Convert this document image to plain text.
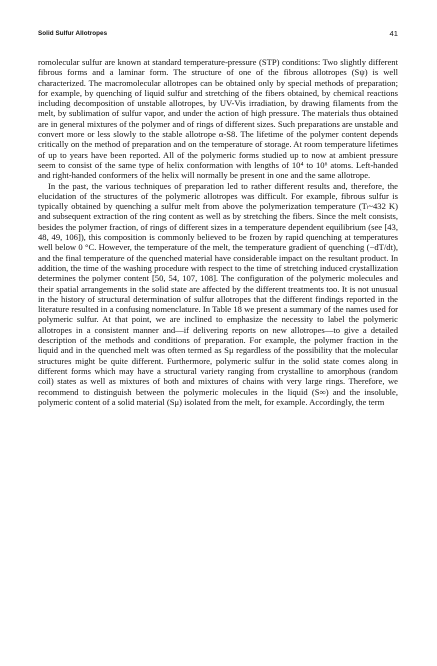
Solid Sulfur Allotropes	41

romolecular sulfur are known at standard temperature-pressure (STP) conditions: Two slightly different fibrous forms and a laminar form. The structure of one of the fibrous allotropes (Sψ) is well characterized. The macromolecular allotropes can be obtained only by special methods of preparation; for example, by quenching of liquid sulfur and stretching of the fibers obtained, by chemical reactions including decomposition of unstable allotropes, by UV-Vis irradiation, by drawing filaments from the melt, by sublimation of sulfur vapor, and under the action of high pressure. The materials thus obtained are in general mixtures of the polymer and of rings of different sizes. Such preparations are unstable and convert more or less slowly to the stable allotrope α-S8. The lifetime of the polymer content depends critically on the method of preparation and on the temperature of storage. At room temperature lifetimes of up to years have been reported. All of the polymeric forms studied up to now at ambient pressure seem to consist of the same type of helix conformation with lengths of 10⁴ to 10⁶ atoms. Left-handed and right-handed conformers of the helix will normally be present in one and the same allotrope.

In the past, the various techniques of preparation led to rather different results and, therefore, the elucidation of the structures of the polymeric allotropes was difficult. For example, fibrous sulfur is typically obtained by quenching a sulfur melt from above the polymerization temperature (Tₗ~432 K) and subsequent extraction of the ring content as well as by stretching the fibers. Since the melt consists, besides the polymer fraction, of rings of different sizes in a temperature dependent equilibrium (see [43, 48, 49, 106]), this composition is commonly believed to be frozen by rapid quenching at temperatures well below 0 °C. However, the temperature of the melt, the temperature gradient of quenching (−dT/dt), and the final temperature of the quenched material have considerable impact on the resultant product. In addition, the time of the washing procedure with respect to the time of stretching induced crystallization determines the polymer content [50, 54, 107, 108]. The configuration of the polymeric molecules and their spatial arrangements in the solid state are affected by the different treatments too. It is not unusual in the history of structural determination of sulfur allotropes that the different findings reported in the literature resulted in a confusing nomenclature. In Table 18 we present a summary of the names used for polymeric sulfur. At that point, we are inclined to emphasize the necessity to label the polymeric allotropes in a consistent manner and—if delivering reports on new allotropes—to give a detailed description of the methods and conditions of preparation. For example, the polymer fraction in the liquid and in the quenched melt was often termed as Sμ regardless of the possibility that the molecular structures might be quite different. Furthermore, polymeric sulfur in the solid state comes along in different forms which may have a structural variety ranging from crystalline to amorphous (random coil) states as well as mixtures of both and mixtures of chains with very large rings. Therefore, we recommend to distinguish between the polymeric molecules in the liquid (S∞) and the insoluble, polymeric content of a solid material (Sμ) isolated from the melt, for example. Accordingly, the term
